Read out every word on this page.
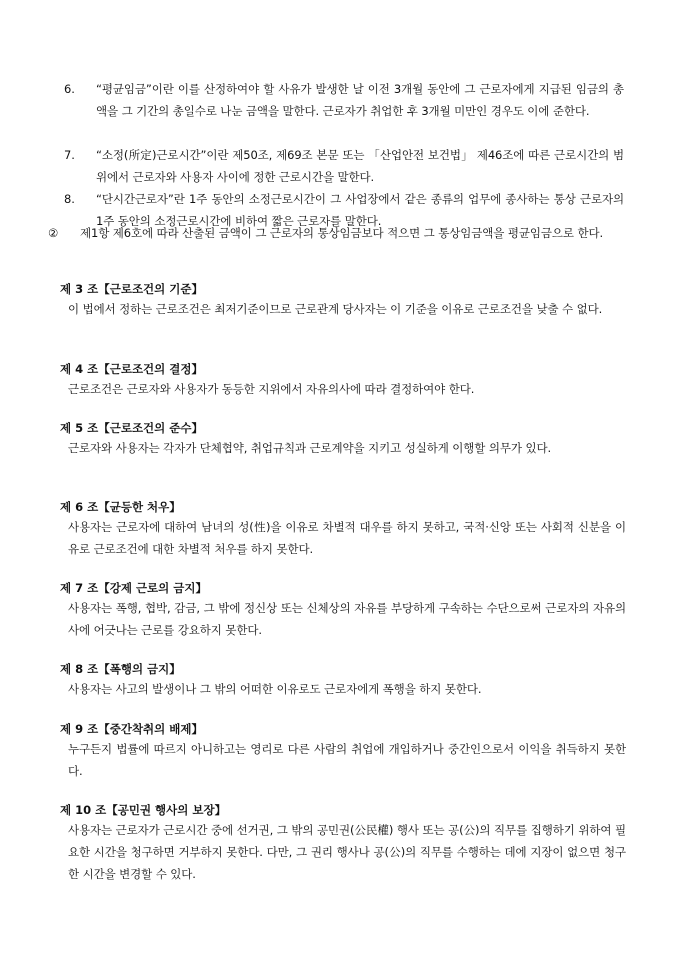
6. “평균임금”이란 이를 산정하여야 할 사유가 발생한 날 이전 3개월 동안에 그 근로자에게 지급된 임금의 총액을 그 기간의 총일수로 나눈 금액을 말한다. 근로자가 취업한 후 3개월 미만인 경우도 이에 준한다.

7. “소정(所定)근로시간”이란 제50조, 제69조 본문 또는 「산업안전 보건법」 제46조에 따른 근로시간의 범위에서 근로자와 사용자 사이에 정한 근로시간을 말한다.

8. “단시간근로자”란 1주 동안의 소정근로시간이 그 사업장에서 같은 종류의 업무에 종사하는 통상 근로자의 1주 동안의 소정근로시간에 비하여 짧은 근로자를 말한다.

② 제1항 제6호에 따라 산출된 금액이 그 근로자의 통상임금보다 적으면 그 통상임금액을 평균임금으로 한다.

제 3 조【근로조건의 기준】

이 법에서 정하는 근로조건은 최저기준이므로 근로관계 당사자는 이 기준을 이유로 근로조건을 낮출 수 없다.

제 4 조【근로조건의 결정】

근로조건은 근로자와 사용자가 동등한 지위에서 자유의사에 따라 결정하여야 한다.

제 5 조【근로조건의 준수】

근로자와 사용자는 각자가 단체협약, 취업규칙과 근로계약을 지키고 성실하게 이행할 의무가 있다.

제 6 조【균등한 처우】

사용자는 근로자에 대하여 남녀의 성(性)을 이유로 차별적 대우를 하지 못하고, 국적·신앙 또는 사회적 신분을 이유로 근로조건에 대한 차별적 처우를 하지 못한다.

제 7 조【강제 근로의 금지】

사용자는 폭행, 협박, 감금, 그 밖에 정신상 또는 신체상의 자유를 부당하게 구속하는 수단으로써 근로자의 자유의사에 어긋나는 근로를 강요하지 못한다.

제 8 조【폭행의 금지】

사용자는 사고의 발생이나 그 밖의 어떠한 이유로도 근로자에게 폭행을 하지 못한다.

제 9 조【중간착취의 배제】

누구든지 법률에 따르지 아니하고는 영리로 다른 사람의 취업에 개입하거나 중간인으로서 이익을 취득하지 못한다.

제 10 조【공민권 행사의 보장】

사용자는 근로자가 근로시간 중에 선거권, 그 밖의 공민권(公民權) 행사 또는 공(公)의 직무를 집행하기 위하여 필요한 시간을 청구하면 거부하지 못한다. 다만, 그 권리 행사나 공(公)의 직무를 수행하는 데에 지장이 없으면 청구한 시간을 변경할 수 있다.
